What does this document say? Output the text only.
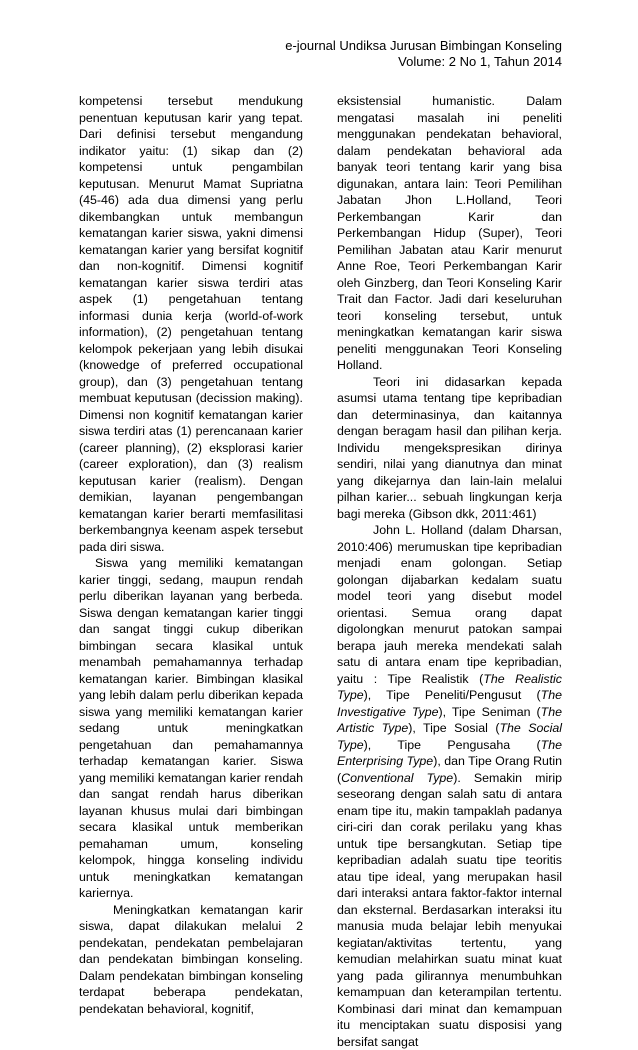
e-journal Undiksa Jurusan Bimbingan Konseling
Volume: 2 No 1, Tahun 2014

kompetensi tersebut mendukung penentuan keputusan karir yang tepat. Dari definisi tersebut mengandung indikator yaitu: (1) sikap dan (2) kompetensi untuk pengambilan keputusan. Menurut Mamat Supriatna (45-46) ada dua dimensi yang perlu dikembangkan untuk membangun kematangan karier siswa, yakni dimensi kematangan karier yang bersifat kognitif dan non-kognitif. Dimensi kognitif kematangan karier siswa terdiri atas aspek (1) pengetahuan tentang informasi dunia kerja (world-of-work information), (2) pengetahuan tentang kelompok pekerjaan yang lebih disukai (knowedge of preferred occupational group), dan (3) pengetahuan tentang membuat keputusan (decission making). Dimensi non kognitif kematangan karier siswa terdiri atas (1) perencanaan karier (career planning), (2) eksplorasi karier (career exploration), dan (3) realism keputusan karier (realism). Dengan demikian, layanan pengembangan kematangan karier berarti memfasilitasi berkembangnya keenam aspek tersebut pada diri siswa.

Siswa yang memiliki kematangan karier tinggi, sedang, maupun rendah perlu diberikan layanan yang berbeda. Siswa dengan kematangan karier tinggi dan sangat tinggi cukup diberikan bimbingan secara klasikal untuk menambah pemahamannya terhadap kematangan karier. Bimbingan klasikal yang lebih dalam perlu diberikan kepada siswa yang memiliki kematangan karier sedang untuk meningkatkan pengetahuan dan pemahamannya terhadap kematangan karier. Siswa yang memiliki kematangan karier rendah dan sangat rendah harus diberikan layanan khusus mulai dari bimbingan secara klasikal untuk memberikan pemahaman umum, konseling kelompok, hingga konseling individu untuk meningkatkan kematangan kariernya.

Meningkatkan kematangan karir siswa, dapat dilakukan melalui 2 pendekatan, pendekatan pembelajaran dan pendekatan bimbingan konseling. Dalam pendekatan bimbingan konseling terdapat beberapa pendekatan, pendekatan behavioral, kognitif,

eksistensial humanistic. Dalam mengatasi masalah ini peneliti menggunakan pendekatan behavioral, dalam pendekatan behavioral ada banyak teori tentang karir yang bisa digunakan, antara lain: Teori Pemilihan Jabatan Jhon L.Holland, Teori Perkembangan Karir dan Perkembangan Hidup (Super), Teori Pemilihan Jabatan atau Karir menurut Anne Roe, Teori Perkembangan Karir oleh Ginzberg, dan Teori Konseling Karir Trait dan Factor. Jadi dari keseluruhan teori konseling tersebut, untuk meningkatkan kematangan karir siswa peneliti menggunakan Teori Konseling Holland.

Teori ini didasarkan kepada asumsi utama tentang tipe kepribadian dan determinasinya, dan kaitannya dengan beragam hasil dan pilihan kerja. Individu mengekspresikan dirinya sendiri, nilai yang dianutnya dan minat yang dikejarnya dan lain-lain melalui pilhan karier... sebuah lingkungan kerja bagi mereka (Gibson dkk, 2011:461)

John L. Holland (dalam Dharsan, 2010:406) merumuskan tipe kepribadian menjadi enam golongan. Setiap golongan dijabarkan kedalam suatu model teori yang disebut model orientasi. Semua orang dapat digolongkan menurut patokan sampai berapa jauh mereka mendekati salah satu di antara enam tipe kepribadian, yaitu : Tipe Realistik (The Realistic Type), Tipe Peneliti/Pengusut (The Investigative Type), Tipe Seniman (The Artistic Type), Tipe Sosial (The Social Type), Tipe Pengusaha (The Enterprising Type), dan Tipe Orang Rutin (Conventional Type). Semakin mirip seseorang dengan salah satu di antara enam tipe itu, makin tampaklah padanya ciri-ciri dan corak perilaku yang khas untuk tipe bersangkutan. Setiap tipe kepribadian adalah suatu tipe teoritis atau tipe ideal, yang merupakan hasil dari interaksi antara faktor-faktor internal dan eksternal. Berdasarkan interaksi itu manusia muda belajar lebih menyukai kegiatan/aktivitas tertentu, yang kemudian melahirkan suatu minat kuat yang pada gilirannya menumbuhkan kemampuan dan keterampilan tertentu. Kombinasi dari minat dan kemampuan itu menciptakan suatu disposisi yang bersifat sangat
